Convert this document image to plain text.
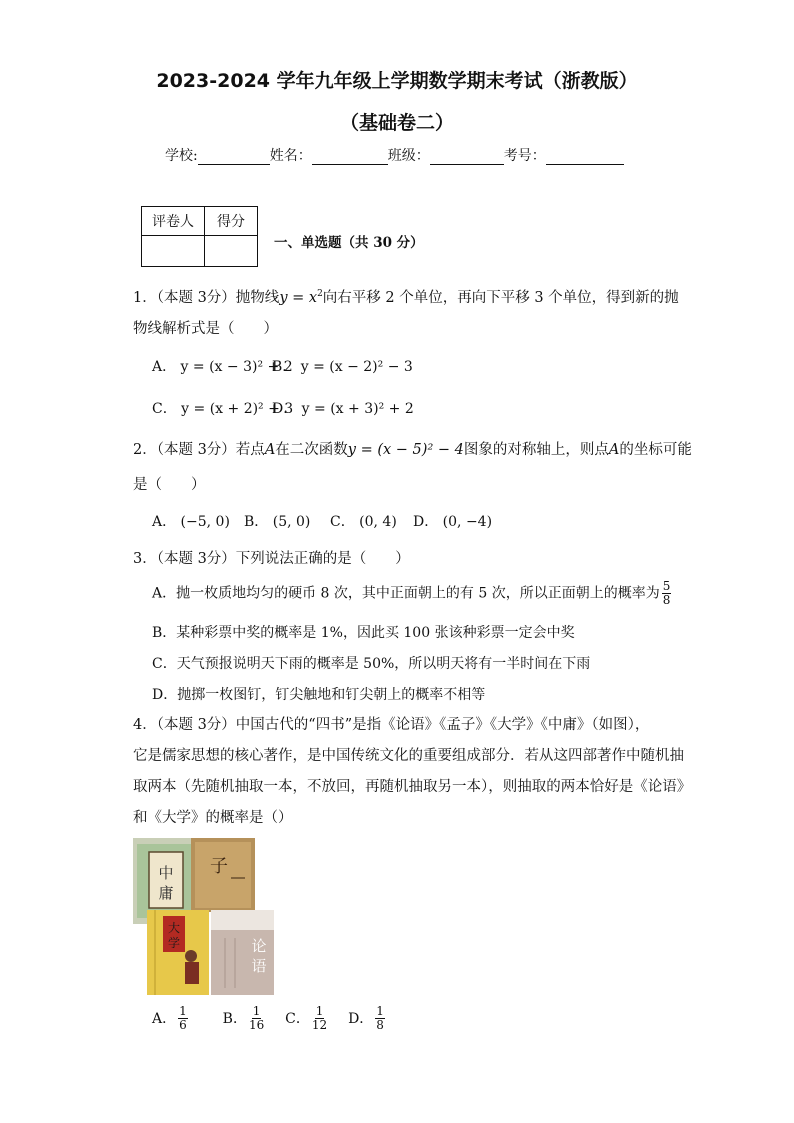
2023-2024 学年九年级上学期数学期末考试（浙教版）
（基础卷二）
学校:	姓名：	班级：	考号：
评卷人	得分

一、单选题（共 30 分）
1．（本题 3分）抛物线$y = x^2$向右平移 2 个单位，再向下平移 3 个单位，得到新的抛
物线解析式是（　　）
A． y = (x − 3)² + 2
B． y = (x − 2)² − 3
C． y = (x + 2)² + 3
D． y = (x + 3)² + 2
2．（本题 3分）若点A在二次函数y = (x − 5)² − 4图象的对称轴上，则点A的坐标可能
是（　　）
A． (−5, 0) B． (5, 0) C． (0, 4) D． (0, −4)
3．（本题 3分）下列说法正确的是（　　）
A．抛一枚质地均匀的硬币 8 次，其中正面朝上的有 5 次，所以正面朝上的概率为 $\frac{5}{8}$
B．某种彩票中奖的概率是 1%，因此买 100 张该种彩票一定会中奖
C．天气预报说明天下雨的概率是 50%，所以明天将有一半时间在下雨
D．抛掷一枚图钉，钉尖触地和钉尖朝上的概率不相等
4．（本题 3分）中国古代的“四书”是指《论语》《孟子》《大学》《中庸》（如图），
它是儒家思想的核心著作，是中国传统文化的重要组成部分．若从这四部著作中随机抽
取两本（先随机抽取一本，不放回，再随机抽取另一本），则抽取的两本恰好是《论语》
和《大学》的概率是（）
中
庸
子
大
学	论
语
A． $\frac{1}{6}$ B． $\frac{1}{16}$ C． $\frac{1}{12}$ D． $\frac{1}{8}$
